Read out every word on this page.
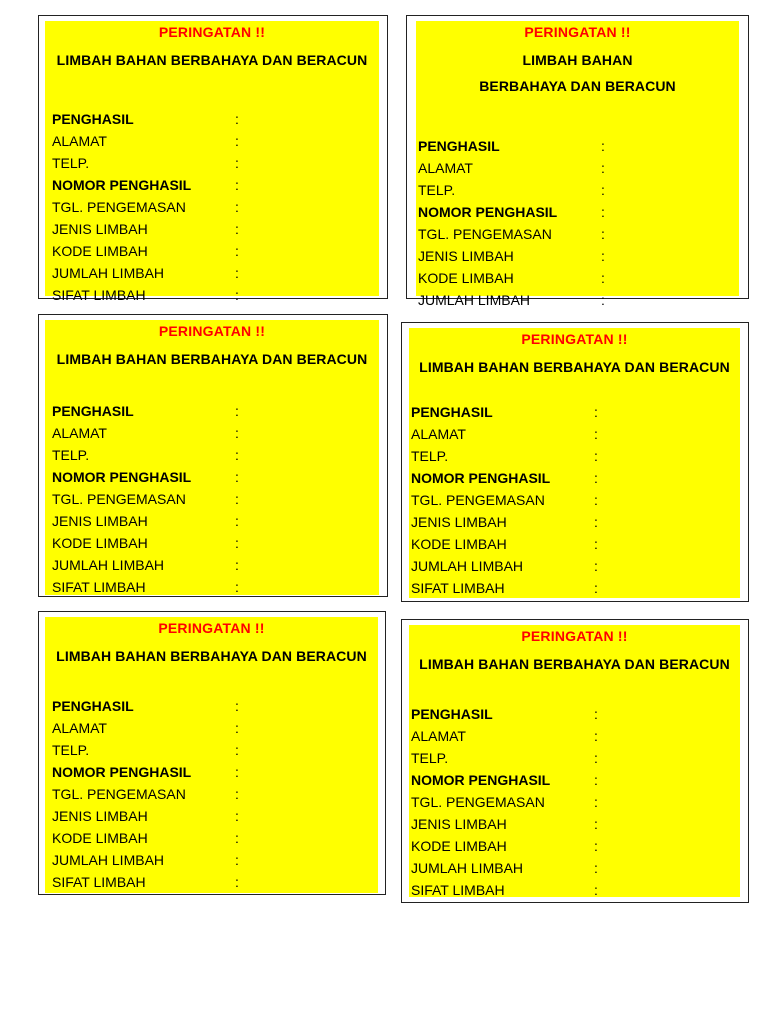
PERINGATAN !!
LIMBAH BAHAN BERBAHAYA DAN BERACUN
PENGHASIL	:

ALAMAT	:

TELP.	:

NOMOR PENGHASIL	:

TGL. PENGEMASAN	:

JENIS LIMBAH	:

KODE LIMBAH	:

JUMLAH LIMBAH	:

SIFAT LIMBAH	:

PERINGATAN !!
LIMBAH BAHAN BERBAHAYA DAN BERACUN
PENGHASIL	:

ALAMAT	:

TELP.	:

NOMOR PENGHASIL	:

TGL. PENGEMASAN	:

JENIS LIMBAH	:

KODE LIMBAH	:

JUMLAH LIMBAH	:

PERINGATAN !!
LIMBAH BAHAN BERBAHAYA DAN BERACUN
PENGHASIL	:

ALAMAT	:

TELP.	:

NOMOR PENGHASIL	:

TGL. PENGEMASAN	:

JENIS LIMBAH	:

KODE LIMBAH	:

JUMLAH LIMBAH	:

SIFAT LIMBAH	:

PERINGATAN !!
LIMBAH BAHAN BERBAHAYA DAN BERACUN
PENGHASIL	:

ALAMAT	:

TELP.	:

NOMOR PENGHASIL	:

TGL. PENGEMASAN	:

JENIS LIMBAH	:

KODE LIMBAH	:

JUMLAH LIMBAH	:

SIFAT LIMBAH	:

PERINGATAN !!
LIMBAH BAHAN BERBAHAYA DAN BERACUN
PENGHASIL	:

ALAMAT	:

TELP.	:

NOMOR PENGHASIL	:

TGL. PENGEMASAN	:

JENIS LIMBAH	:

KODE LIMBAH	:

JUMLAH LIMBAH	:

SIFAT LIMBAH	:

PERINGATAN !!
LIMBAH BAHAN BERBAHAYA DAN BERACUN
PENGHASIL	:

ALAMAT	:

TELP.	:

NOMOR PENGHASIL	:

TGL. PENGEMASAN	:

JENIS LIMBAH	:

KODE LIMBAH	:

JUMLAH LIMBAH	:

SIFAT LIMBAH	:
